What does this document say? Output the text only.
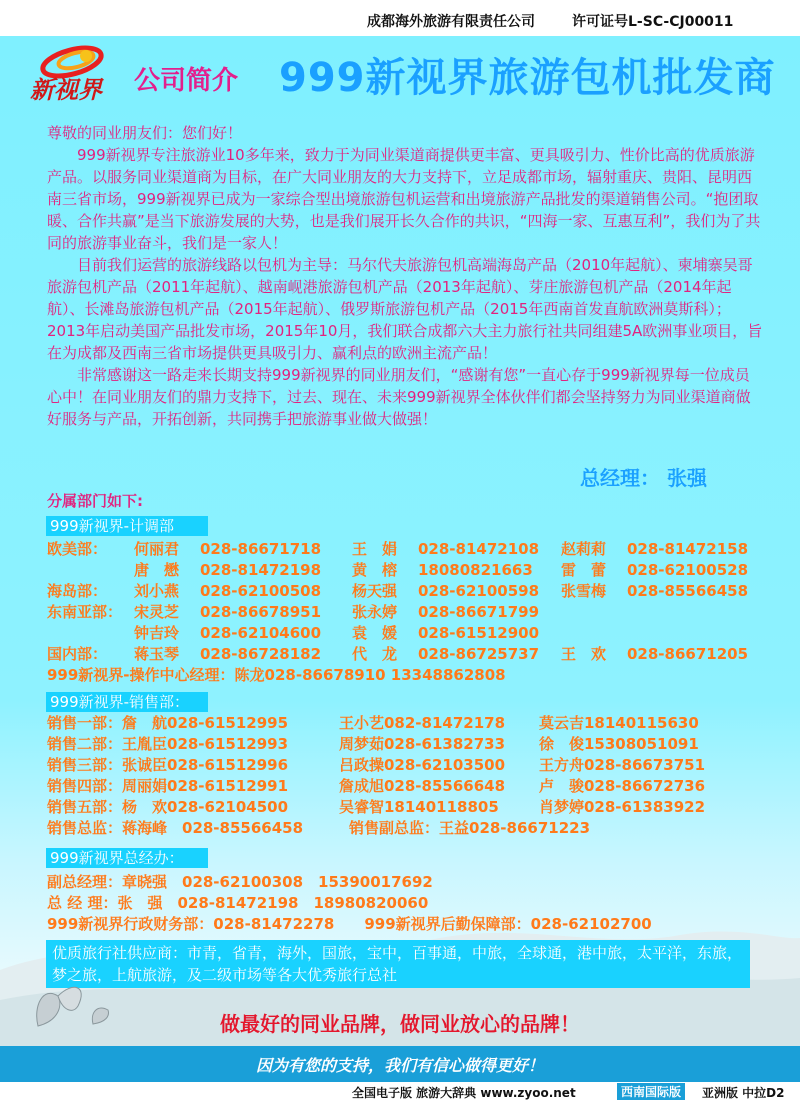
成都海外旅游有限责任公司	许可证号L-SC-CJ00011
新视界 公司简介 999新视界旅游包机批发商

尊敬的同业朋友们：您们好！

999新视界专注旅游业10多年来，致力于为同业渠道商提供更丰富、更具吸引力、性价比高的优质旅游产品。以服务同业渠道商为目标，在广大同业朋友的大力支持下，立足成都市场，辐射重庆、贵阳、昆明西南三省市场，999新视界已成为一家综合型出境旅游包机运营和出境旅游产品批发的渠道销售公司。“抱团取暖、合作共赢”是当下旅游发展的大势，也是我们展开长久合作的共识，“四海一家、互惠互利”，我们为了共同的旅游事业奋斗，我们是一家人！

目前我们运营的旅游线路以包机为主导：马尔代夫旅游包机高端海岛产品（2010年起航）、柬埔寨吴哥旅游包机产品（2011年起航）、越南岘港旅游包机产品（2013年起航）、芽庄旅游包机产品（2014年起航）、长滩岛旅游包机产品（2015年起航）、俄罗斯旅游包机产品（2015年西南首发直航欧洲莫斯科）；2013年启动美国产品批发市场，2015年10月，我们联合成都六大主力旅行社共同组建5A欧洲事业项目，旨在为成都及西南三省市场提供更具吸引力、赢利点的欧洲主流产品！

非常感谢这一路走来长期支持999新视界的同业朋友们，“感谢有您”一直心存于999新视界每一位成员心中！在同业朋友们的鼎力支持下，过去、现在、未来999新视界全体伙伴们都会坚持努力为同业渠道商做好服务与产品，开拓创新，共同携手把旅游事业做大做强！

总经理： 张强
分属部门如下:
999新视界-计调部
欧美部： 何丽君 028-86671718 王　娟 028-81472108 赵莉莉 028-81472158
唐　懋 028-81472198 黄　榕 18080821663 雷　蕾 028-62100528
海岛部： 刘小燕 028-62100508 杨天强 028-62100598 张雪梅 028-85566458
东南亚部： 宋灵芝 028-86678951 张永婷 028-86671799
钟吉玲 028-62104600 袁　媛 028-61512900
国内部： 蒋玉琴 028-86728182 代　龙 028-86725737 王　欢 028-86671205
999新视界-操作中心经理：陈龙028-86678910 13348862808
999新视界-销售部：
销售一部：詹　航028-61512995	王小艺082-81472178 莫云吉18140115630
销售二部：王胤臣028-61512993	周梦茹028-61382733 徐　俊15308051091
销售三部：张诚臣028-61512996	吕政操028-62103500 王方舟028-86673751
销售四部：周丽娟028-61512991	詹成旭028-85566648 卢　骏028-86672736
销售五部：杨　欢028-62104500	吴睿智18140118805	肖梦婷028-61383922
销售总监：蒋海峰　028-85566458	销售副总监：王益028-86671223
999新视界总经办：
副总经理：章晓强　028-62100308　15390017692
总 经 理：张　强　028-81472198　18980820060
999新视界行政财务部：028-81472278　　999新视界后勤保障部：028-62102700
优质旅行社供应商：市青，省青，海外，国旅，宝中，百事通，中旅，全球通，港中旅，太平洋，东旅，梦之旅，上航旅游，及二级市场等各大优秀旅行总社
做最好的同业品牌，做同业放心的品牌！
因为有您的支持，我们有信心做得更好！
全国电子版 旅游大辞典 www.zyoo.net	西南国际版	亚洲版 中拉D2
